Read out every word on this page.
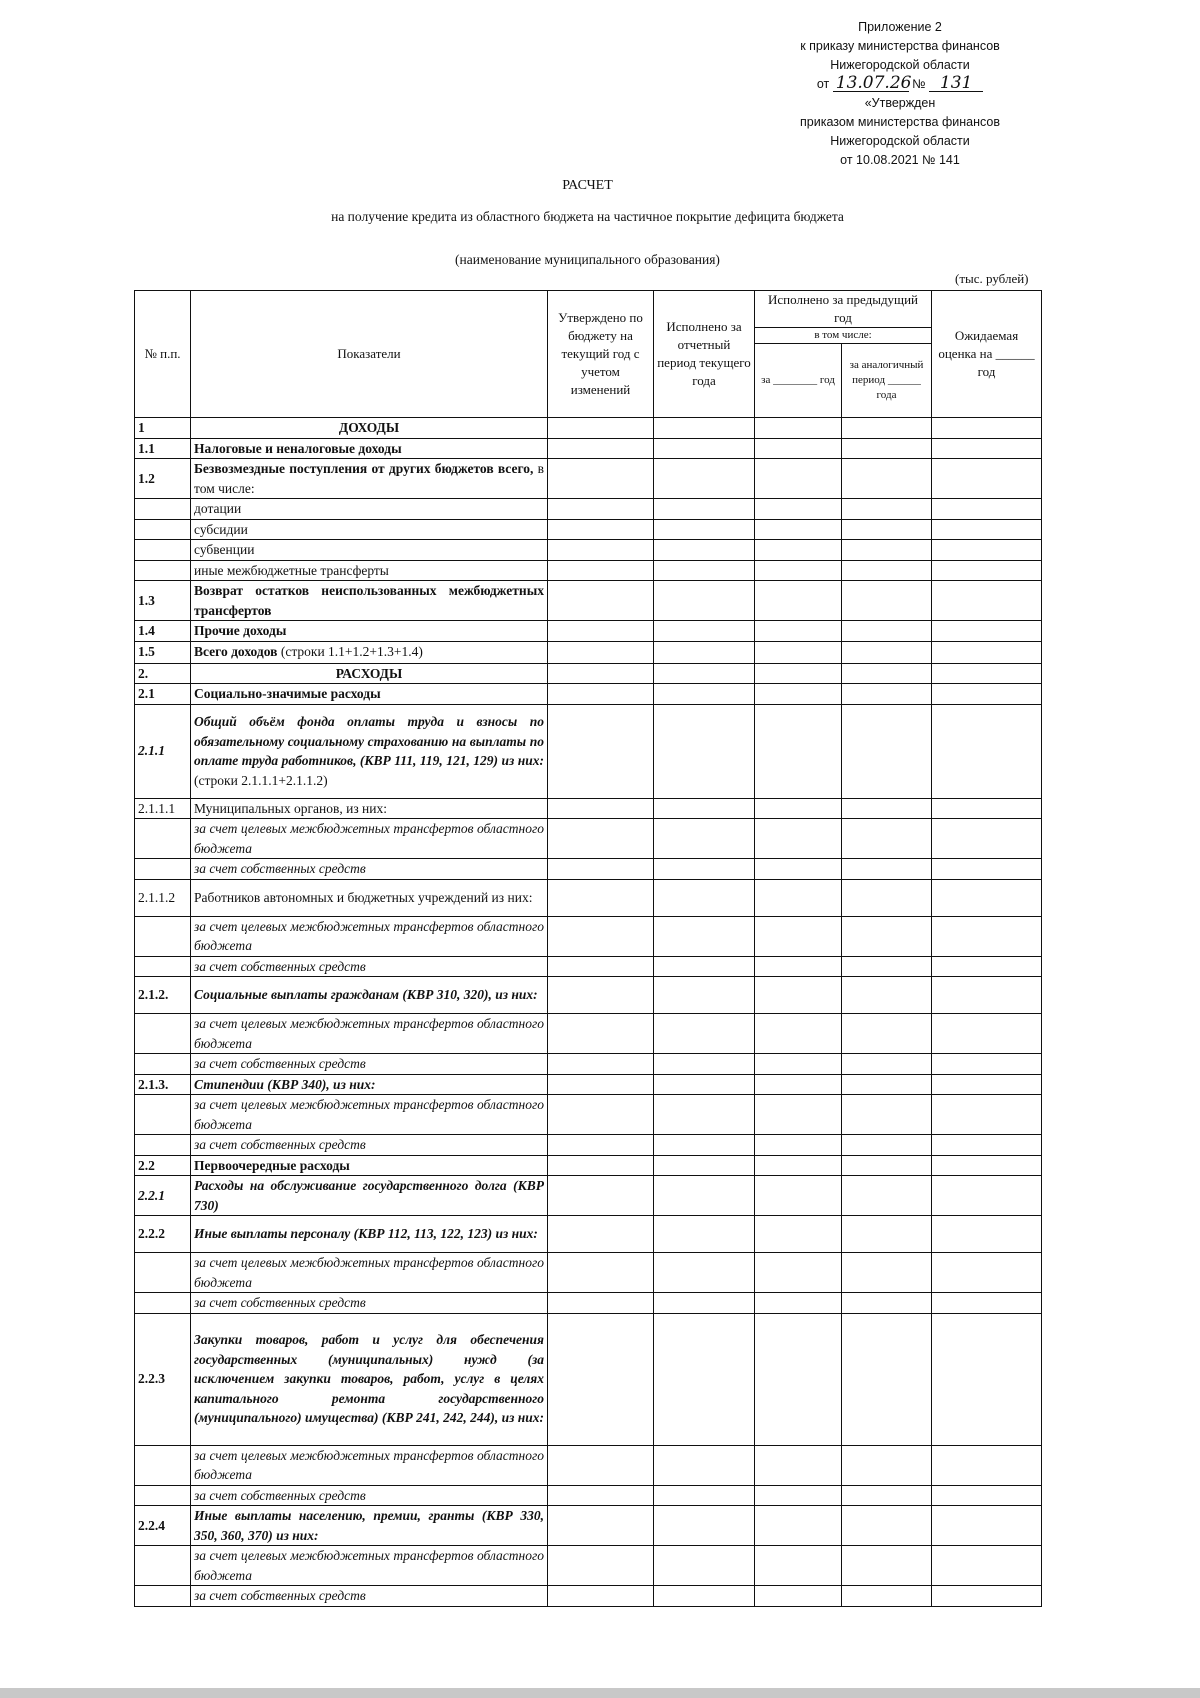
Приложение 2
к приказу министерства финансов
Нижегородской области
от 13.07.26 № 131
«Утвержден
приказом министерства финансов
Нижегородской области
от 10.08.2021 № 141
РАСЧЕТ
на получение кредита из областного бюджета на частичное покрытие дефицита бюджета
(наименование муниципального образования)
(тыс. рублей)
№ п.п.	Показатели	Утверждено по бюджету на текущий год с учетом изменений	Исполнено за отчетный период текущего года	Исполнено за предыдущий год		Ожидаемая оценка на ______ год
				в том числе:		
				за ________ год	за аналогичный период ______ года	
1	ДОХОДЫ					
1.1	Налоговые и неналоговые доходы					
1.2	Безвозмездные поступления от других бюджетов всего, в том числе:					
	дотации					
	субсидии					
	субвенции					
	иные межбюджетные трансферты					
1.3	Возврат остатков неиспользованных межбюджетных трансфертов					
1.4	Прочие доходы					
1.5	Всего доходов (строки 1.1+1.2+1.3+1.4)					
2.	РАСХОДЫ					
2.1	Социально-значимые расходы					
2.1.1	Общий объём фонда оплаты труда и взносы по обязательному социальному страхованию на выплаты по оплате труда работников, (КВР 111, 119, 121, 129) из них: (строки 2.1.1.1+2.1.1.2)					
2.1.1.1	Муниципальных органов, из них:					
	за счет целевых межбюджетных трансфертов областного бюджета					
	за счет собственных средств					
2.1.1.2	Работников автономных и бюджетных учреждений из них:					
	за счет целевых межбюджетных трансфертов областного бюджета					
	за счет собственных средств					
2.1.2.	Социальные выплаты гражданам (КВР 310, 320), из них:					
	за счет целевых межбюджетных трансфертов областного бюджета					
	за счет собственных средств					
2.1.3.	Стипендии (КВР 340), из них:					
	за счет целевых межбюджетных трансфертов областного бюджета					
	за счет собственных средств					
2.2	Первоочередные расходы					
2.2.1	Расходы на обслуживание государственного долга (КВР 730)					
2.2.2	Иные выплаты персоналу (КВР 112, 113, 122, 123) из них:					
	за счет целевых межбюджетных трансфертов областного бюджета					
	за счет собственных средств					
2.2.3	Закупки товаров, работ и услуг для обеспечения государственных (муниципальных) нужд (за исключением закупки товаров, работ, услуг в целях капитального ремонта государственного (муниципального) имущества) (КВР 241, 242, 244), из них:					
	за счет целевых межбюджетных трансфертов областного бюджета					
	за счет собственных средств					
2.2.4	Иные выплаты населению, премии, гранты (КВР 330, 350, 360, 370) из них:					
	за счет целевых межбюджетных трансфертов областного бюджета					
	за счет собственных средств					
